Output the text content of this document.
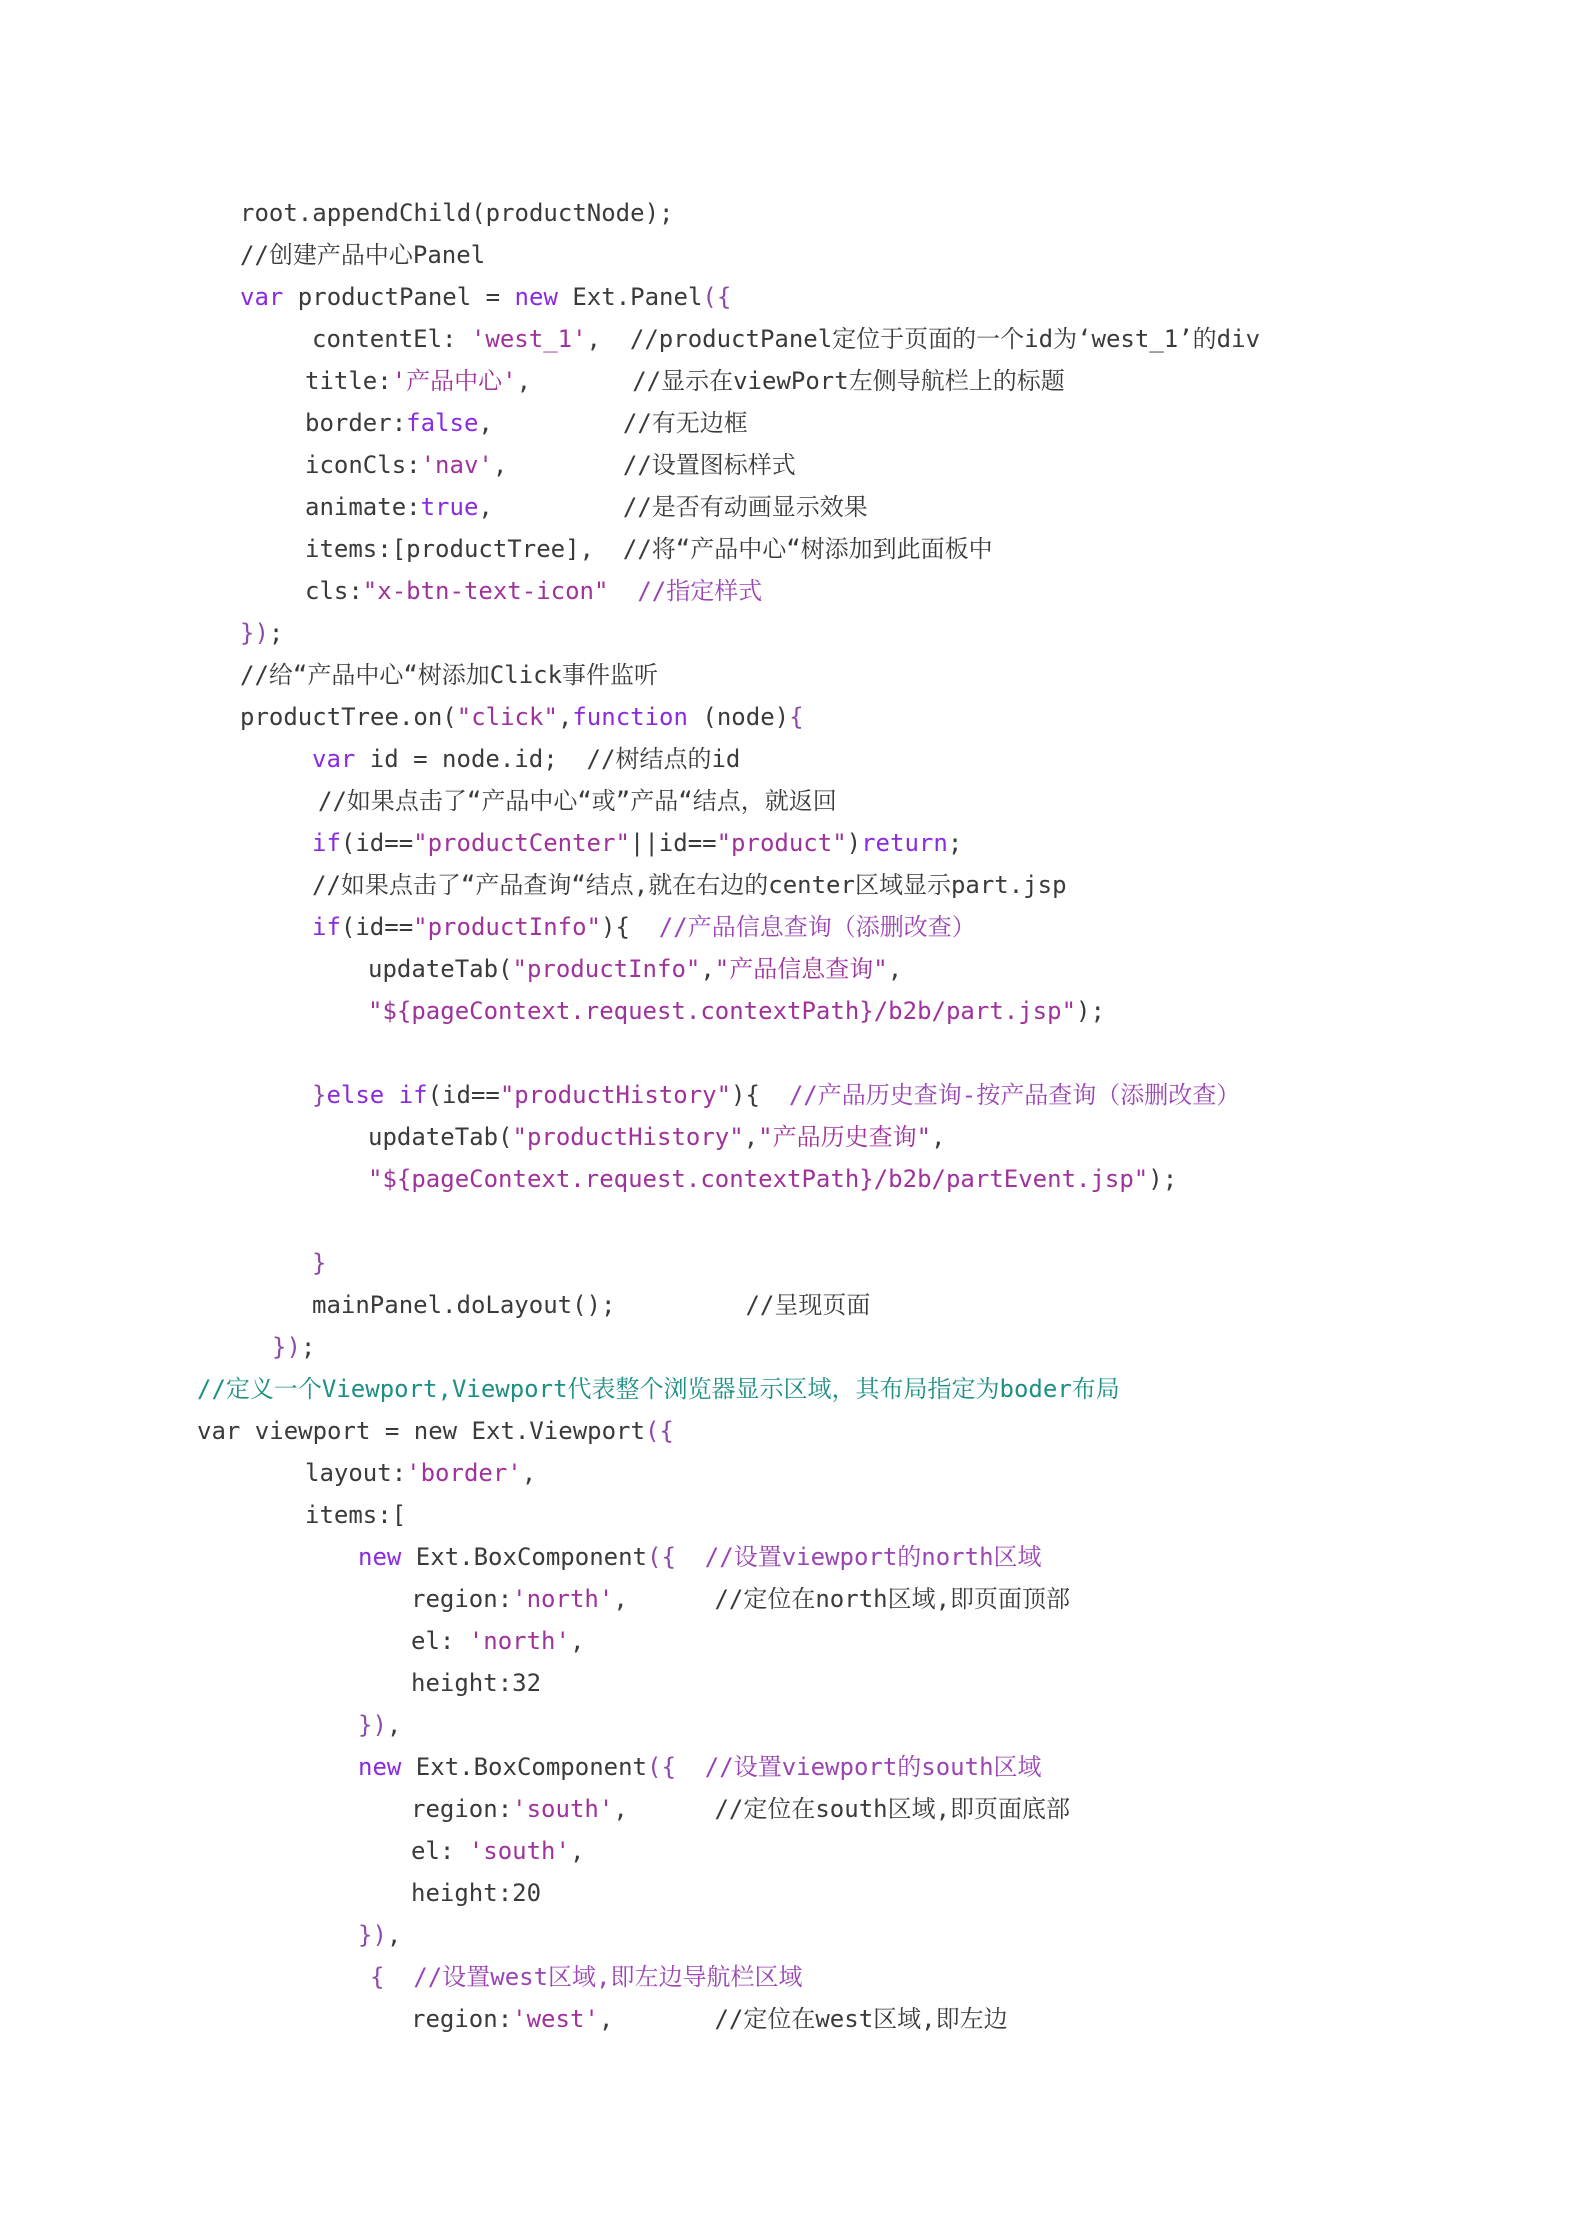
root.appendChild(productNode);
//创建产品中心Panel
var productPanel = new Ext.Panel({
contentEl: 'west_1',  //productPanel定位于页面的一个id为‘west_1’的div
title:'产品中心',       //显示在viewPort左侧导航栏上的标题
border:false,         //有无边框
iconCls:'nav',        //设置图标样式
animate:true,         //是否有动画显示效果
items:[productTree],  //将“产品中心“树添加到此面板中
cls:"x-btn-text-icon"  //指定样式
});
//给“产品中心“树添加Click事件监听
productTree.on("click",function (node){
var id = node.id;  //树结点的id
//如果点击了“产品中心“或”产品“结点，就返回
if(id=="productCenter"||id=="product")return;
//如果点击了“产品查询“结点,就在右边的center区域显示part.jsp
if(id=="productInfo"){  //产品信息查询（添删改查）
updateTab("productInfo","产品信息查询",
"${pageContext.request.contextPath}/b2b/part.jsp");
}else if(id=="productHistory"){  //产品历史查询-按产品查询（添删改查）
updateTab("productHistory","产品历史查询",
"${pageContext.request.contextPath}/b2b/partEvent.jsp");
}
mainPanel.doLayout();         //呈现页面
});
//定义一个Viewport,Viewport代表整个浏览器显示区域，其布局指定为boder布局
var viewport = new Ext.Viewport({
layout:'border',
items:[
new Ext.BoxComponent({  //设置viewport的north区域
region:'north',      //定位在north区域,即页面顶部
el: 'north',
height:32
}),
new Ext.BoxComponent({  //设置viewport的south区域
region:'south',      //定位在south区域,即页面底部
el: 'south',
height:20
}),
{  //设置west区域,即左边导航栏区域
region:'west',       //定位在west区域,即左边
